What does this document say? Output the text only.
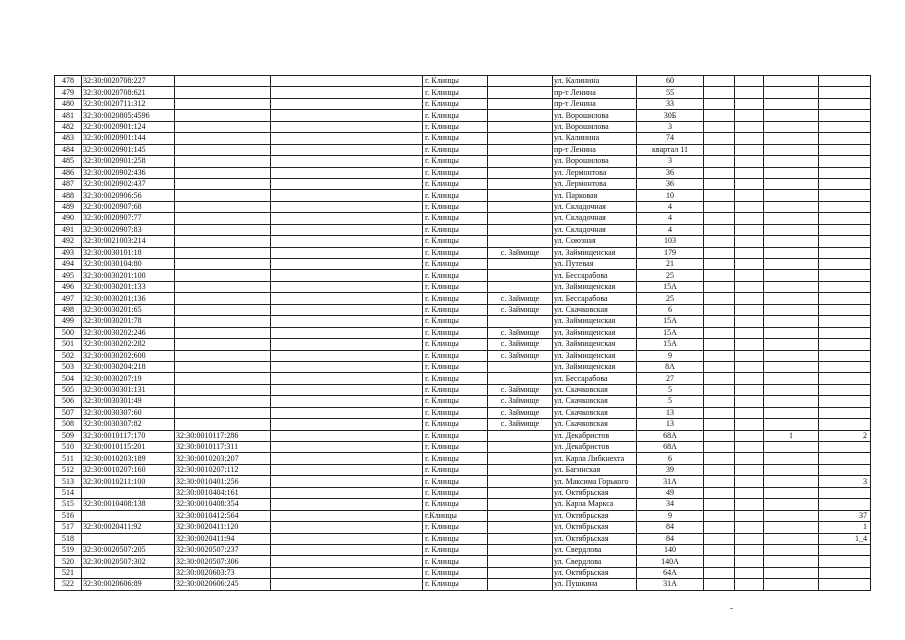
478	32:30:0020708:227			г. Клинцы		ул. Калинина	60				
479	32:30:0020708:621			г. Клинцы		пр-т Ленина	55				
480	32:30:0020711:312			г. Клинцы		пр-т Ленина	33				
481	32:30:0020805:4596			г. Клинцы		ул. Ворошилова	30Б				
482	32:30:0020901:124			г. Клинцы		ул. Ворошилова	3				
483	32:30:0020901:144			г. Клинцы		ул. Калинина	74				
484	32:30:0020901:145			г. Клинцы		пр-т Ленина	квартал 11				
485	32:30:0020901:258			г. Клинцы		ул. Ворошилова	3				
486	32:30:0020902:436			г. Клинцы		ул. Лермонтова	36				
487	32:30:0020902:437			г. Клинцы		ул. Лермонтова	36				
488	32:30:0020906:56			г. Клинцы		ул. Парковая	10				
489	32:30:0020907:68			г. Клинцы		ул. Складочная	4				
490	32:30:0020907:77			г. Клинцы		ул. Складочная	4				
491	32:30:0020907:83			г. Клинцы		ул. Складочная	4				
492	32:30:0021003:214			г. Клинцы		ул. Союзная	103				
493	32:30:0030101:18			г. Клинцы	с. Займище	ул. Займищенская	179				
494	32:30:0030104:80			г. Клинцы		ул. Путевая	21				
495	32:30:0030201:100			г. Клинцы		ул. Бессарабова	25				
496	32:30:0030201:133			г. Клинцы		ул. Займищенская	15А				
497	32:30:0030201:136			г. Клинцы	с. Займище	ул. Бессарабова	25				
498	32:30:0030201:65			г. Клинцы	с. Займище	ул. Скачковская	6				
499	32:30:0030201:78			г. Клинцы		ул. Займищенская	15А				
500	32:30:0030202:246			г. Клинцы	с. Займище	ул. Займищенская	15А				
501	32:30:0030202:282			г. Клинцы	с. Займище	ул. Займищенская	15А				
502	32:30:0030202:600			г. Клинцы	с. Займище	ул. Займищенская	9				
503	32:30:0030204:218			г. Клинцы		ул. Займищенская	8А				
504	32:30:0030207:19			г. Клинцы		ул. Бессарабова	27				
505	32:30:0030301:131			г. Клинцы	с. Займище	ул. Скачковская	5				
506	32:30:0030301:49			г. Клинцы	с. Займище	ул. Скачковская	5				
507	32:30:0030307:60			г. Клинцы	с. Займище	ул. Скачковская	13				
508	32:30:0030307:82			г. Клинцы	с. Займище	ул. Скачковская	13				
509	32:30:0010117:170	32:30:0010117:286		г. Клинцы		ул. Декабристов	68А			1	2
510	32:30:0010115:201	32:30:0010117:311		г. Клинцы		ул. Декабристов	68А				
511	32:30:0010203:189	32:30:0010203:207		г. Клинцы		ул. Карла Либкнехта	6				
512	32:30:0010207:160	32:30:0010207:112		г. Клинцы		ул. Багинская	39				
513	32:30:0010211:100	32:30:0010401:256		г. Клинцы		ул. Максима Горького	31А				3
514		32:30:0010404:161		г. Клинцы		ул. Октябрьская	49				
515	32:30:0010408:138	32:30:0010408:354		г. Клинцы		ул. Карла Маркса	34				
516		32:30:0010412:564		г.Клинцы		ул. Октябрьская	9				37
517	32:30:0020411:92	32:30:0020411:120		г. Клинцы		ул. Октябрьская	84				1
518		32:30:0020411:94		г. Клинцы		ул. Октябрьская	84				1_4
519	32:30:0020507:205	32:30:0020507:237		г. Клинцы		ул. Свердлова	140				
520	32:30:0020507:302	32:30:0020507:306		г. Клинцы		ул. Свердлова	140А				
521		32:30:0020603:73		г. Клинцы		ул. Октябрьская	64А				
522	32:30:0020606:89	32:30:0020606:245		г. Клинцы		ул. Пушкина	31А				
